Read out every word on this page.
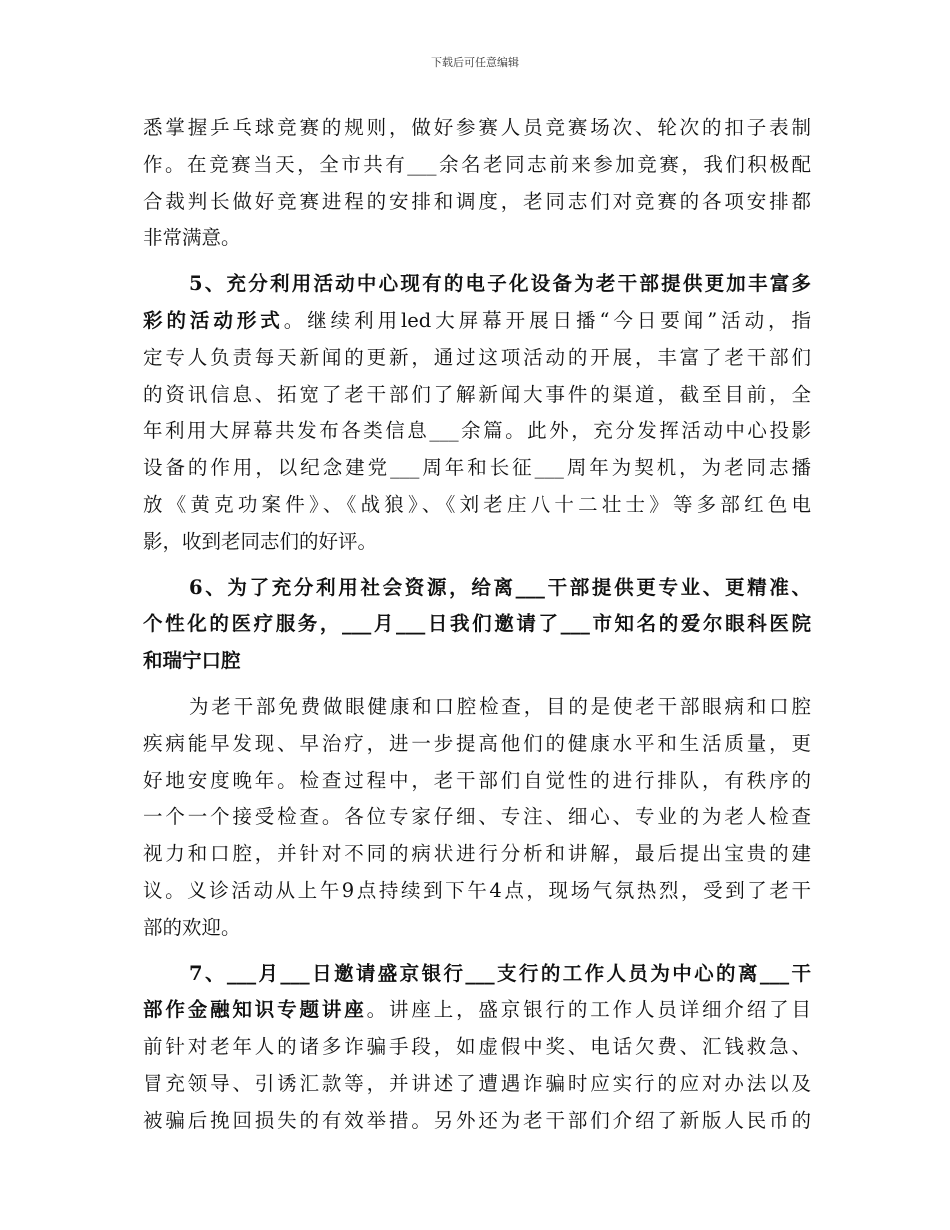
下载后可任意编辑
悉掌握乒乓球竞赛的规则，做好参赛人员竞赛场次、轮次的扣子表制
作。在竞赛当天，全市共有___余名老同志前来参加竞赛，我们积极配
合裁判长做好竞赛进程的安排和调度，老同志们对竞赛的各项安排都
非常满意。
5、充分利用活动中心现有的电子化设备为老干部提供更加丰富多
彩的活动形式。继续利用led大屏幕开展日播“今日要闻”活动，指
定专人负责每天新闻的更新，通过这项活动的开展，丰富了老干部们
的资讯信息、拓宽了老干部们了解新闻大事件的渠道，截至目前，全
年利用大屏幕共发布各类信息___余篇。此外，充分发挥活动中心投影
设备的作用，以纪念建党___周年和长征___周年为契机，为老同志播
放《黄克功案件》、《战狼》、《刘老庄八十二壮士》等多部红色电
影，收到老同志们的好评。
6、为了充分利用社会资源，给离___干部提供更专业、更精准、
个性化的医疗服务，___月___日我们邀请了___市知名的爱尔眼科医院
和瑞宁口腔
为老干部免费做眼健康和口腔检查，目的是使老干部眼病和口腔
疾病能早发现、早治疗，进一步提高他们的健康水平和生活质量，更
好地安度晚年。检查过程中，老干部们自觉性的进行排队，有秩序的
一个一个接受检查。各位专家仔细、专注、细心、专业的为老人检查
视力和口腔，并针对不同的病状进行分析和讲解，最后提出宝贵的建
议。义诊活动从上午9点持续到下午4点，现场气氛热烈，受到了老干
部的欢迎。
7、___月___日邀请盛京银行___支行的工作人员为中心的离___干
部作金融知识专题讲座。讲座上，盛京银行的工作人员详细介绍了目
前针对老年人的诸多诈骗手段，如虚假中奖、电话欠费、汇钱救急、
冒充领导、引诱汇款等，并讲述了遭遇诈骗时应实行的应对办法以及
被骗后挽回损失的有效举措。另外还为老干部们介绍了新版人民币的
